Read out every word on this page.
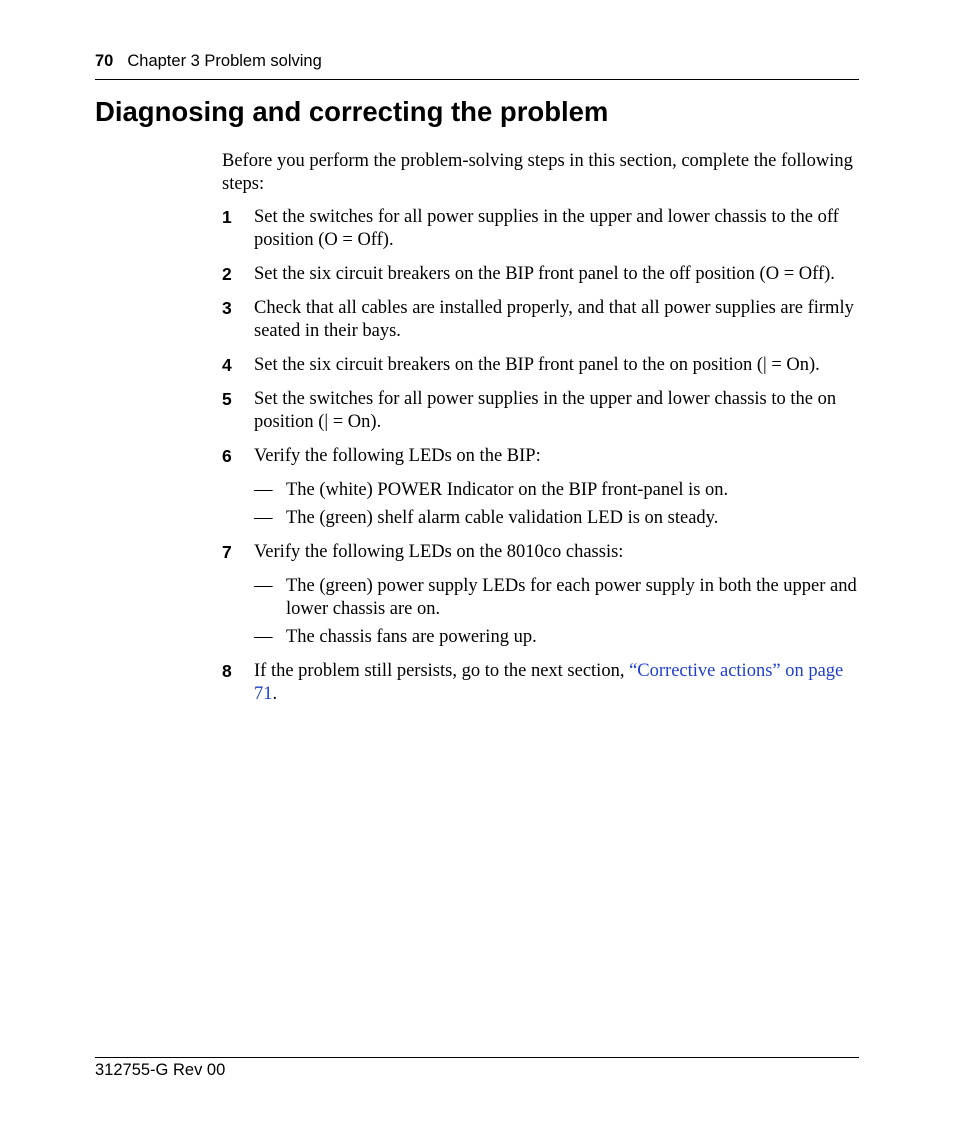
70 Chapter 3 Problem solving
Diagnosing and correcting the problem

Before you perform the problem-solving steps in this section, complete the following steps:

1 Set the switches for all power supplies in the upper and lower chassis to the off position (O = Off).
2 Set the six circuit breakers on the BIP front panel to the off position (O = Off).
3 Check that all cables are installed properly, and that all power supplies are firmly seated in their bays.
4 Set the six circuit breakers on the BIP front panel to the on position (| = On).
5 Set the switches for all power supplies in the upper and lower chassis to the on position (| = On).
6 Verify the following LEDs on the BIP:
— The (white) POWER Indicator on the BIP front-panel is on.
— The (green) shelf alarm cable validation LED is on steady.
7 Verify the following LEDs on the 8010co chassis:
— The (green) power supply LEDs for each power supply in both the upper and lower chassis are on.
— The chassis fans are powering up.
8 If the problem still persists, go to the next section, “Corrective actions” on page 71.
312755-G Rev 00
